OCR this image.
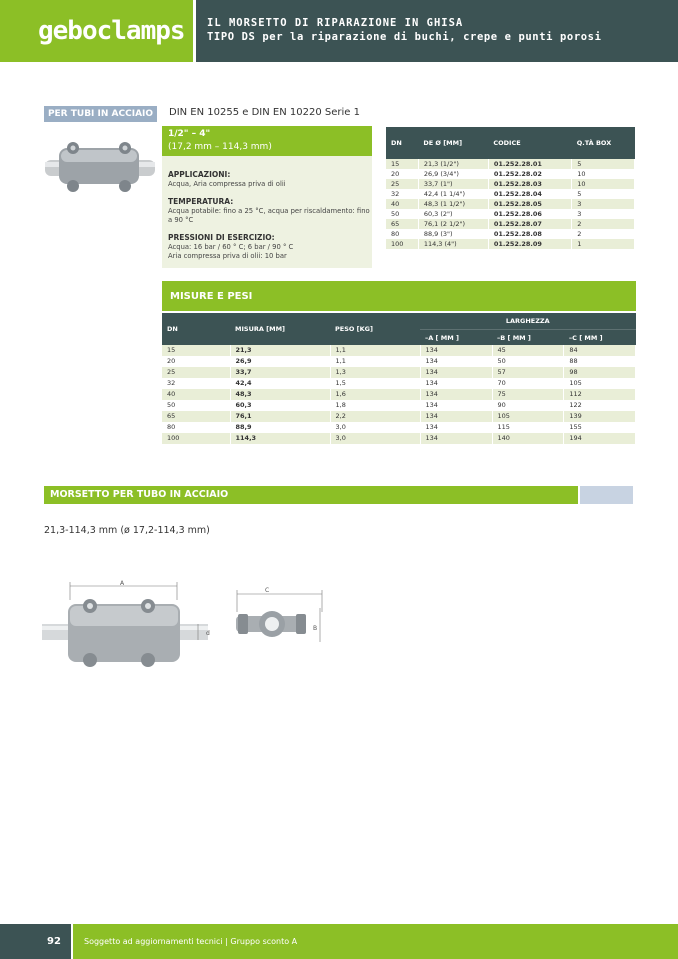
geboclamps IL MORSETTO DI RIPARAZIONE IN GHISA
TIPO DS per la riparazione di buchi, crepe e punti porosi
PER TUBI IN ACCIAIO	DIN EN 10255 e DIN EN 10220 Serie 1
1/2" – 4"
(17,2 mm – 114,3 mm)
APPLICAZIONI:
Acqua, Aria compressa priva di olii
TEMPERATURA:
Acqua potabile: fino a 25 °C, acqua per riscaldamento: fino a 90 °C
PRESSIONI DI ESERCIZIO:
Acqua: 16 bar / 60 ° C; 6 bar / 90 ° C
Aria compressa priva di olii: 10 bar
DN	DE Ø [MM]	CODICE	Q.TÀ BOX
15	21,3 (1/2")	01.252.28.01	5
20	26,9 (3/4")	01.252.28.02	10
25	33,7 (1")	01.252.28.03	10
32	42,4 (1 1/4")	01.252.28.04	5
40	48,3 (1 1/2")	01.252.28.05	3
50	60,3 (2")	01.252.28.06	3
65	76,1 (2 1/2")	01.252.28.07	2
80	88,9 (3")	01.252.28.08	2
100	114,3 (4")	01.252.28.09	1
MISURE E PESI
DN	MISURA [MM]	PESO [KG]	LARGHEZZA		
			–A [ MM ]	–B [ MM ]	–C [ MM ]
15	21,3	1,1	134	45	84
20	26,9	1,1	134	50	88
25	33,7	1,3	134	57	98
32	42,4	1,5	134	70	105
40	48,3	1,6	134	75	112
50	60,3	1,8	134	90	122
65	76,1	2,2	134	105	139
80	88,9	3,0	134	115	155
100	114,3	3,0	134	140	194
MORSETTO PER TUBO IN ACCIAIO
21,3-114,3 mm (ø 17,2-114,3 mm)
A
d
C
B
92	Soggetto ad aggiornamenti tecnici | Gruppo sconto A
